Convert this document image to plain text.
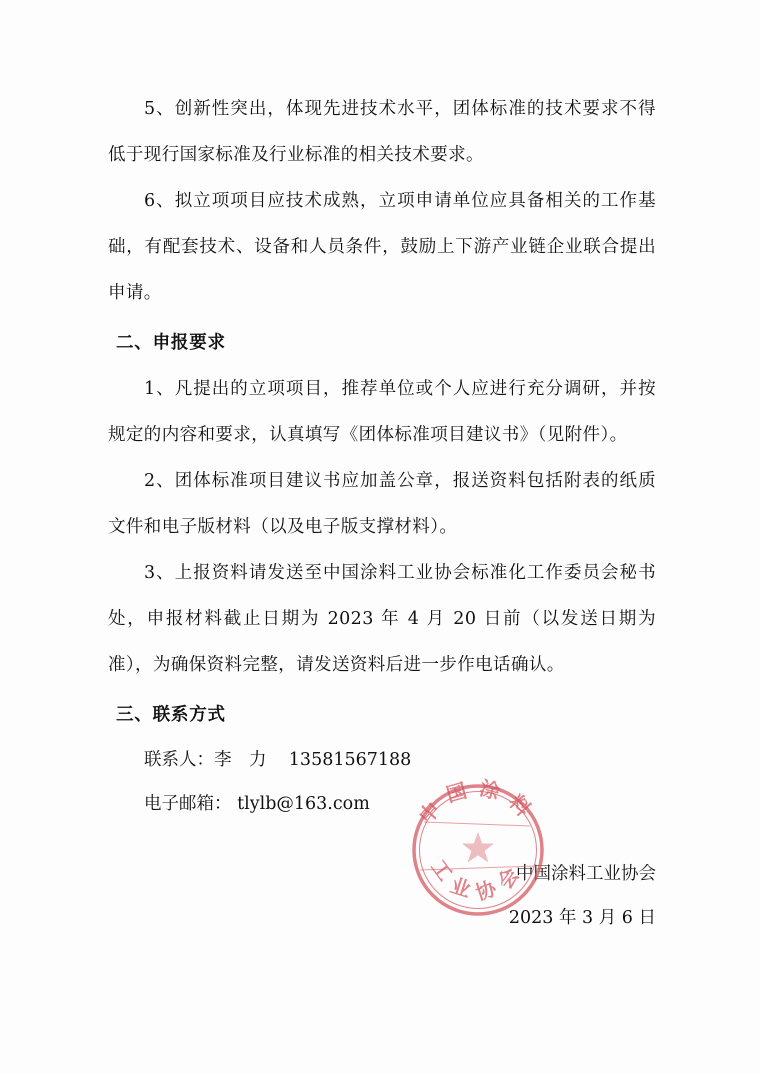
5、创新性突出，体现先进技术水平，团体标准的技术要求不得低于现行国家标准及行业标准的相关技术要求。

6、拟立项项目应技术成熟，立项申请单位应具备相关的工作基础，有配套技术、设备和人员条件，鼓励上下游产业链企业联合提出申请。

二、申报要求

1、凡提出的立项项目，推荐单位或个人应进行充分调研，并按规定的内容和要求，认真填写《团体标准项目建议书》（见附件）。

2、团体标准项目建议书应加盖公章，报送资料包括附表的纸质文件和电子版材料（以及电子版支撑材料）。

3、上报资料请发送至中国涂料工业协会标准化工作委员会秘书处，申报材料截止日期为 2023 年 4 月 20 日前（以发送日期为准），为确保资料完整，请发送资料后进一步作电话确认。

三、联系方式

联系人：李　力 13581567188

电子邮箱： tlylb@163.com

中国涂料工业协会
2023 年 3 月 6 日
中国涂料
工业协会
